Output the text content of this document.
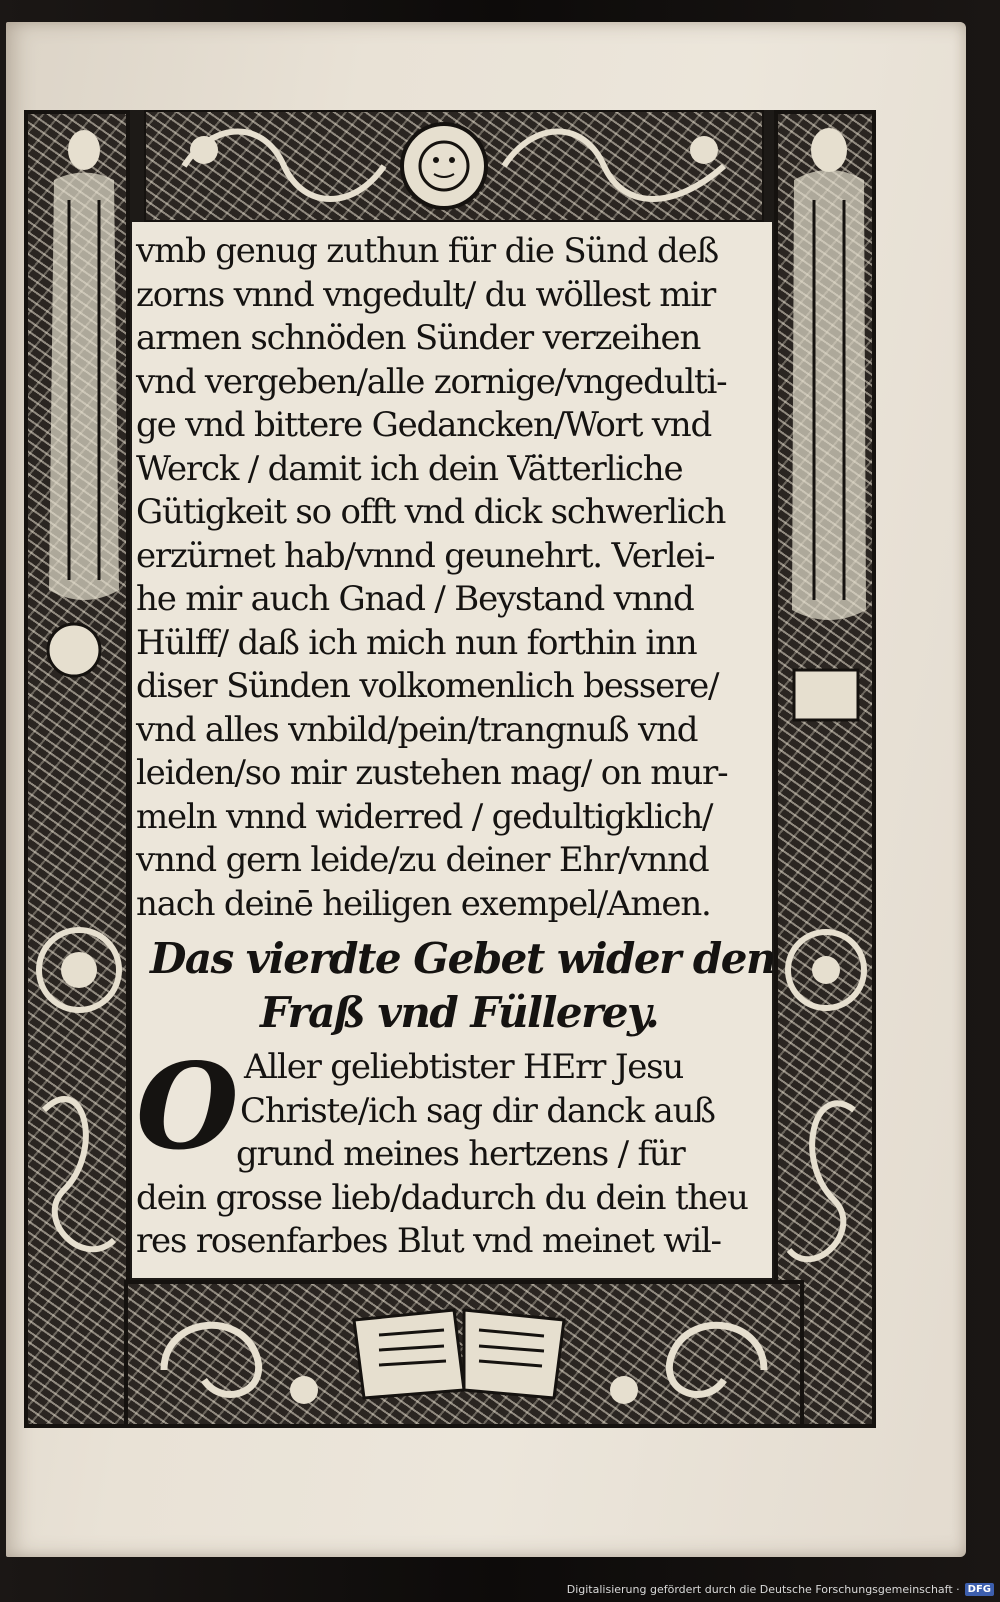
vmb genug zuthun für die Sünd deß
zorns vnnd vngedult/ du wöllest mir
armen schnöden Sünder verzeihen
vnd vergeben/alle zornige/vngedulti-
ge vnd bittere Gedancken/Wort vnd
Werck / damit ich dein Vätterliche
Gütigkeit so offt vnd dick schwerlich
erzürnet hab/vnnd geunehrt. Verlei-
he mir auch Gnad / Beystand vnnd
Hülff/ daß ich mich nun forthin inn
diser Sünden volkomenlich bessere/
vnd alles vnbild/pein/trangnuß vnd
leiden/so mir zustehen mag/ on mur-
meln vnnd widerred / gedultigklich/
vnnd gern leide/zu deiner Ehr/vnnd
nach deinē heiligen exempel/Amen.
Das vierdte Gebet wider den
Fraß vnd Füllerey.
O Aller geliebtister HErr Jesu
Christe/ich sag dir danck auß
grund meines hertzens / für
dein grosse lieb/dadurch du dein theu
res rosenfarbes Blut vnd meinet wil-
Digitalisierung gefördert durch die Deutsche Forschungsgemeinschaft · DFG
